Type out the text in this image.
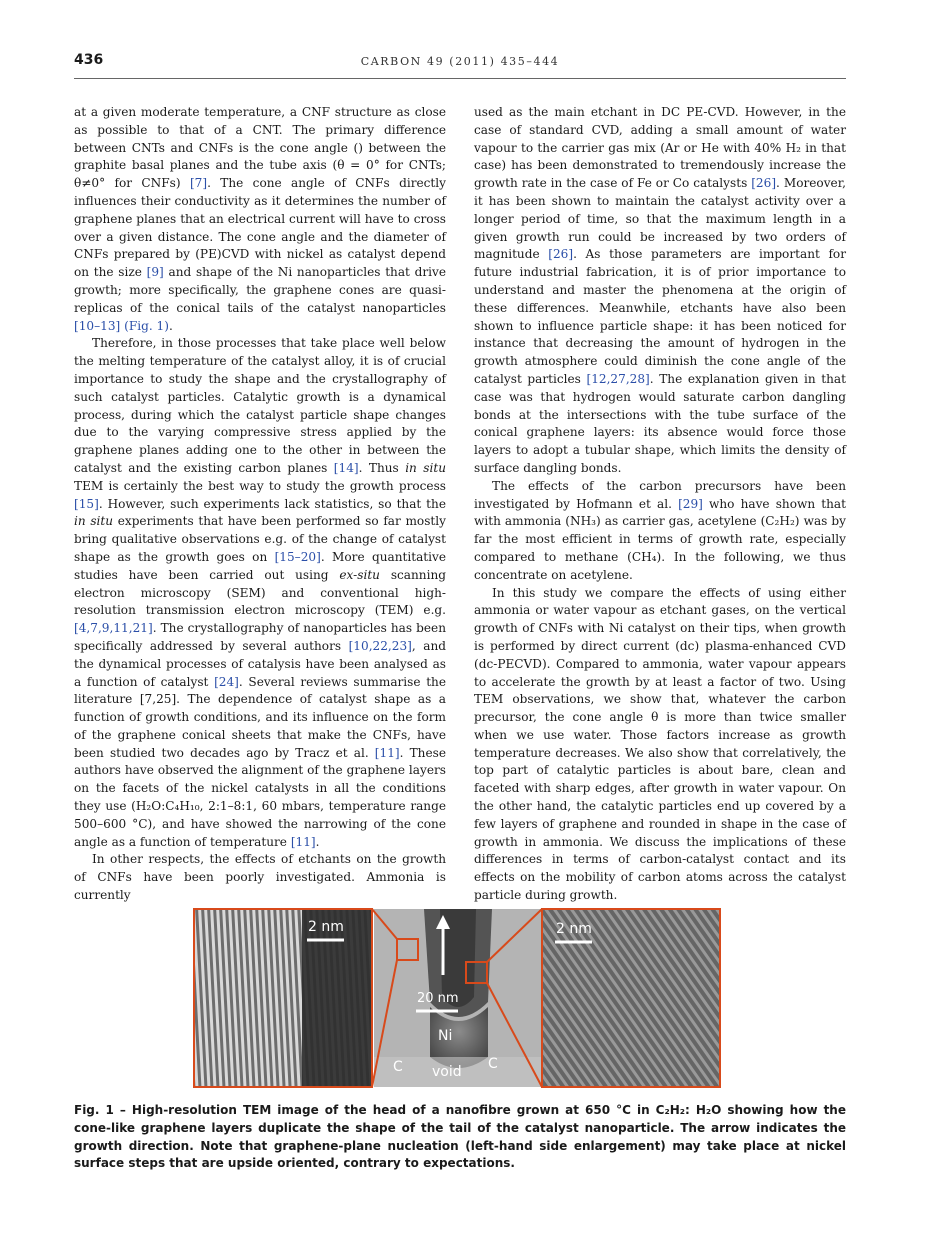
436	CARBON 49 (2011) 435–444

at a given moderate temperature, a CNF structure as close as possible to that of a CNT. The primary difference between CNTs and CNFs is the cone angle () between the graphite basal planes and the tube axis (θ = 0° for CNTs; θ≠0° for CNFs) [7]. The cone angle of CNFs directly influences their conductivity as it determines the number of graphene planes that an electrical current will have to cross over a given distance. The cone angle and the diameter of CNFs prepared by (PE)CVD with nickel as catalyst depend on the size [9] and shape of the Ni nanoparticles that drive growth; more specifically, the graphene cones are quasi-replicas of the conical tails of the catalyst nanoparticles [10–13] (Fig. 1).

Therefore, in those processes that take place well below the melting temperature of the catalyst alloy, it is of crucial importance to study the shape and the crystallography of such catalyst particles. Catalytic growth is a dynamical process, during which the catalyst particle shape changes due to the varying compressive stress applied by the graphene planes adding one to the other in between the catalyst and the existing carbon planes [14]. Thus in situ TEM is certainly the best way to study the growth process [15]. However, such experiments lack statistics, so that the in situ experiments that have been performed so far mostly bring qualitative observations e.g. of the change of catalyst shape as the growth goes on [15–20]. More quantitative studies have been carried out using ex-situ scanning electron microscopy (SEM) and conventional high-resolution transmission electron microscopy (TEM) e.g. [4,7,9,11,21]. The crystallography of nanoparticles has been specifically addressed by several authors [10,22,23], and the dynamical processes of catalysis have been analysed as a function of catalyst [24]. Several reviews summarise the literature [7,25]. The dependence of catalyst shape as a function of growth conditions, and its influence on the form of the graphene conical sheets that make the CNFs, have been studied two decades ago by Tracz et al. [11]. These authors have observed the alignment of the graphene layers on the facets of the nickel catalysts in all the conditions they use (H₂O:C₄H₁₀, 2:1–8:1, 60 mbars, temperature range 500–600 °C), and have showed the narrowing of the cone angle as a function of temperature [11].

In other respects, the effects of etchants on the growth of CNFs have been poorly investigated. Ammonia is currently

used as the main etchant in DC PE-CVD. However, in the case of standard CVD, adding a small amount of water vapour to the carrier gas mix (Ar or He with 40% H₂ in that case) has been demonstrated to tremendously increase the growth rate in the case of Fe or Co catalysts [26]. Moreover, it has been shown to maintain the catalyst activity over a longer period of time, so that the maximum length in a given growth run could be increased by two orders of magnitude [26]. As those parameters are important for future industrial fabrication, it is of prior importance to understand and master the phenomena at the origin of these differences. Meanwhile, etchants have also been shown to influence particle shape: it has been noticed for instance that decreasing the amount of hydrogen in the growth atmosphere could diminish the cone angle of the catalyst particles [12,27,28]. The explanation given in that case was that hydrogen would saturate carbon dangling bonds at the intersections with the tube surface of the conical graphene layers: its absence would force those layers to adopt a tubular shape, which limits the density of surface dangling bonds.

The effects of the carbon precursors have been investigated by Hofmann et al. [29] who have shown that with ammonia (NH₃) as carrier gas, acetylene (C₂H₂) was by far the most efficient in terms of growth rate, especially compared to methane (CH₄). In the following, we thus concentrate on acetylene.

In this study we compare the effects of using either ammonia or water vapour as etchant gases, on the vertical growth of CNFs with Ni catalyst on their tips, when growth is performed by direct current (dc) plasma-enhanced CVD (dc-PECVD). Compared to ammonia, water vapour appears to accelerate the growth by at least a factor of two. Using TEM observations, we show that, whatever the carbon precursor, the cone angle θ is more than twice smaller when we use water. Those factors increase as growth temperature decreases. We also show that correlatively, the top part of catalytic particles is about bare, clean and faceted with sharp edges, after growth in water vapour. On the other hand, the catalytic particles end up covered by a few layers of graphene and rounded in shape in the case of growth in ammonia. We discuss the implications of these differences in terms of carbon-catalyst contact and its effects on the mobility of carbon atoms across the catalyst particle during growth.

2 nm
20 nm
2 nm
Ni
C	C
void
Fig. 1 – High-resolution TEM image of the head of a nanofibre grown at 650 °C in C₂H₂: H₂O showing how the cone-like graphene layers duplicate the shape of the tail of the catalyst nanoparticle. The arrow indicates the growth direction. Note that graphene-plane nucleation (left-hand side enlargement) may take place at nickel surface steps that are upside oriented, contrary to expectations.
